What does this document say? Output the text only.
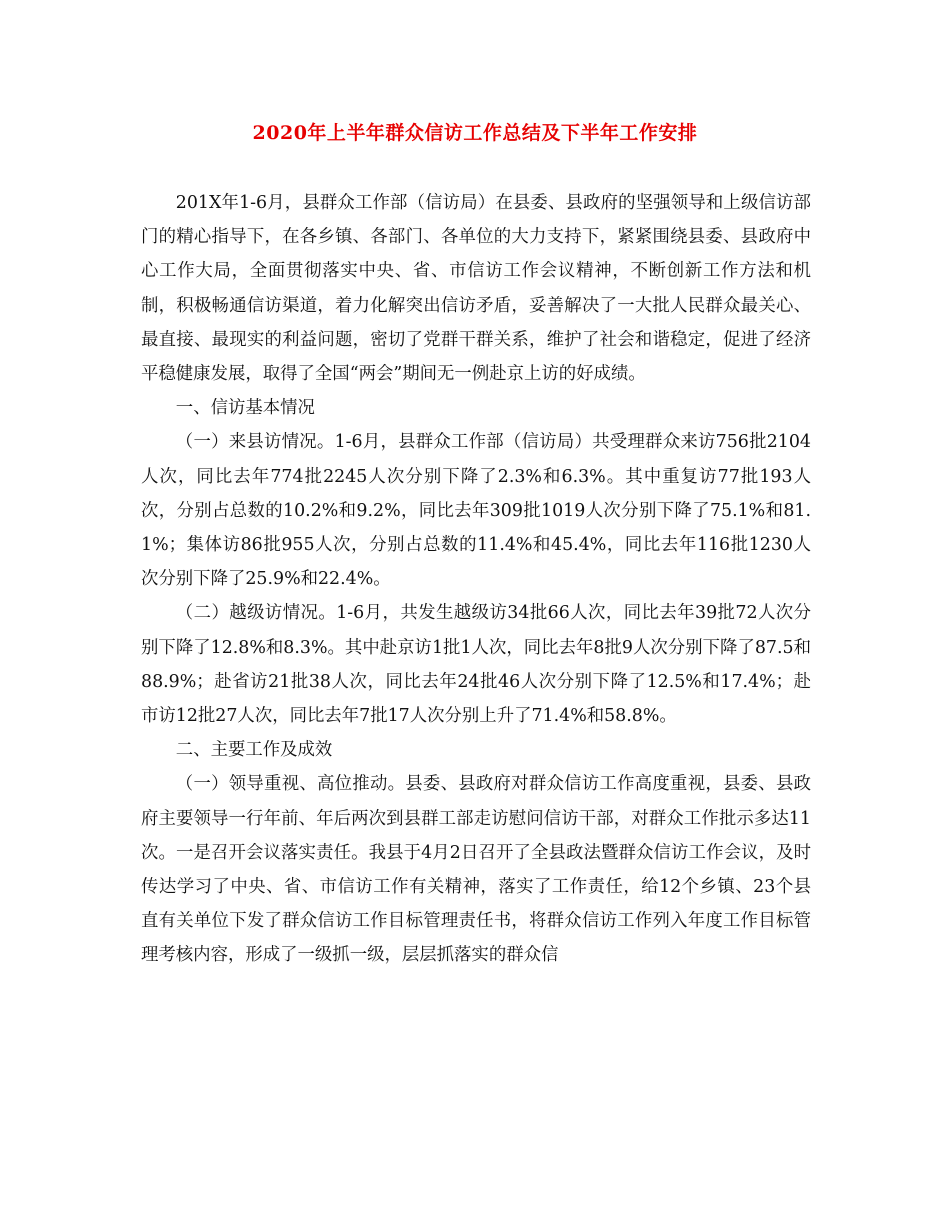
2020年上半年群众信访工作总结及下半年工作安排

201X年1-6月，县群众工作部（信访局）在县委、县政府的坚强领导和上级信访部门的精心指导下，在各乡镇、各部门、各单位的大力支持下，紧紧围绕县委、县政府中心工作大局，全面贯彻落实中央、省、市信访工作会议精神，不断创新工作方法和机制，积极畅通信访渠道，着力化解突出信访矛盾，妥善解决了一大批人民群众最关心、最直接、最现实的利益问题，密切了党群干群关系，维护了社会和谐稳定，促进了经济平稳健康发展，取得了全国“两会”期间无一例赴京上访的好成绩。

一、信访基本情况

（一）来县访情况。1-6月，县群众工作部（信访局）共受理群众来访756批2104人次，同比去年774批2245人次分别下降了2.3%和6.3%。其中重复访77批193人次，分别占总数的10.2%和9.2%，同比去年309批1019人次分别下降了75.1%和81.1%；集体访86批955人次，分别占总数的11.4%和45.4%，同比去年116批1230人次分别下降了25.9%和22.4%。

（二）越级访情况。1-6月，共发生越级访34批66人次，同比去年39批72人次分别下降了12.8%和8.3%。其中赴京访1批1人次，同比去年8批9人次分别下降了87.5和88.9%；赴省访21批38人次，同比去年24批46人次分别下降了12.5%和17.4%；赴市访12批27人次，同比去年7批17人次分别上升了71.4%和58.8%。

二、主要工作及成效

（一）领导重视、高位推动。县委、县政府对群众信访工作高度重视，县委、县政府主要领导一行年前、年后两次到县群工部走访慰问信访干部，对群众工作批示多达11次。一是召开会议落实责任。我县于4月2日召开了全县政法暨群众信访工作会议，及时传达学习了中央、省、市信访工作有关精神，落实了工作责任，给12个乡镇、23个县直有关单位下发了群众信访工作目标管理责任书，将群众信访工作列入年度工作目标管理考核内容，形成了一级抓一级，层层抓落实的群众信
